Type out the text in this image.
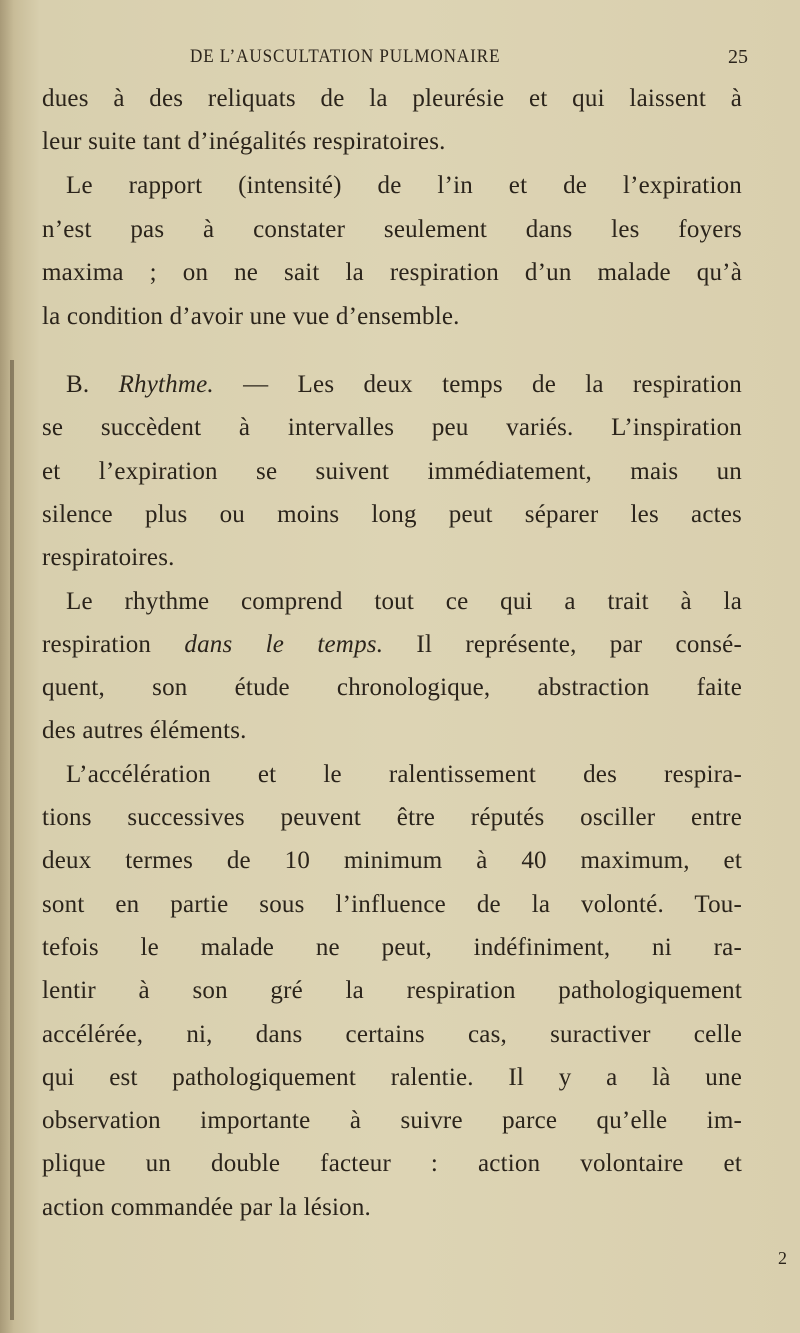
DE L’AUSCULTATION PULMONAIRE	25
dues à des reliquats de la pleurésie et qui laissent à
leur suite tant d’inégalités respiratoires.
Le rapport (intensité) de l’in et de l’expiration
n’est pas à constater seulement dans les foyers
maxima ; on ne sait la respiration d’un malade qu’à
la condition d’avoir une vue d’ensemble.
B. Rhythme. — Les deux temps de la respiration
se succèdent à intervalles peu variés. L’inspiration
et l’expiration se suivent immédiatement, mais un
silence plus ou moins long peut séparer les actes
respiratoires.
Le rhythme comprend tout ce qui a trait à la
respiration dans le temps. Il représente, par consé-
quent, son étude chronologique, abstraction faite
des autres éléments.
L’accélération et le ralentissement des respira-
tions successives peuvent être réputés osciller entre
deux termes de 10 minimum à 40 maximum, et
sont en partie sous l’influence de la volonté. Tou-
tefois le malade ne peut, indéfiniment, ni ra-
lentir à son gré la respiration pathologiquement
accélérée, ni, dans certains cas, suractiver celle
qui est pathologiquement ralentie. Il y a là une
observation importante à suivre parce qu’elle im-
plique un double facteur : action volontaire et
action commandée par la lésion.
2
